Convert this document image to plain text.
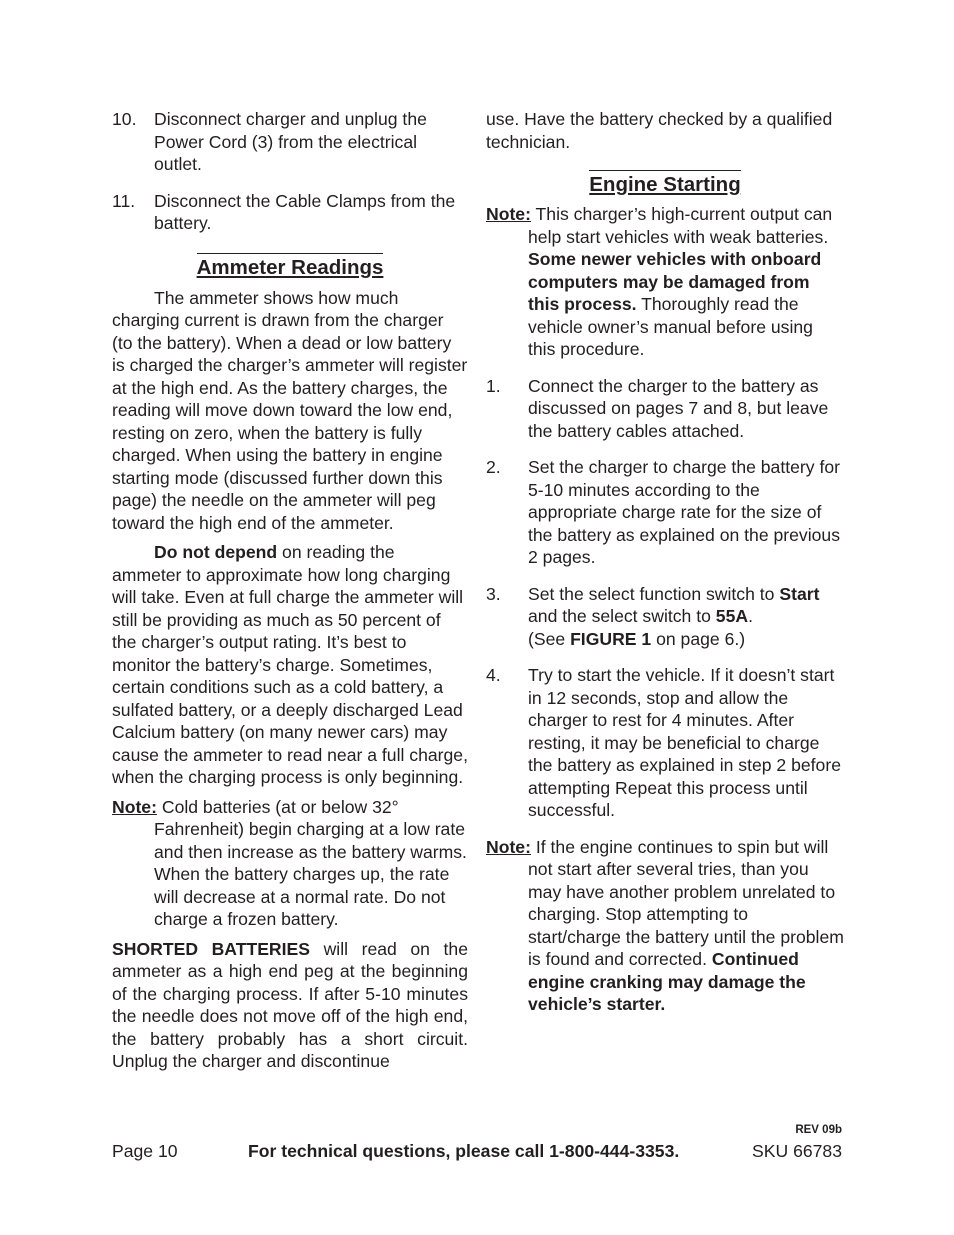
10. Disconnect charger and unplug the Power Cord (3) from the electrical outlet.
11.	Disconnect the Cable Clamps from the battery.
Ammeter Readings

The ammeter shows how much charging current is drawn from the charger (to the battery). When a dead or low battery is charged the charger’s ammeter will register at the high end. As the battery charges, the reading will move down toward the low end, resting on zero, when the battery is fully charged. When using the battery in engine starting mode (discussed further down this page) the needle on the ammeter will peg toward the high end of the ammeter.

Do not depend on reading the ammeter to approximate how long charging will take. Even at full charge the ammeter will still be providing as much as 50 percent of the charger’s output rating. It’s best to monitor the battery’s charge. Sometimes, certain conditions such as a cold battery, a sulfated battery, or a deeply discharged Lead Calcium battery (on many newer cars) may cause the ammeter to read near a full charge, when the charging process is only beginning.

Note: Cold batteries (at or below 32° Fahrenheit) begin charging at a low rate and then increase as the battery warms. When the battery charges up, the rate will decrease at a normal rate. Do not charge a frozen battery.

SHORTED BATTERIES will read on the ammeter as a high end peg at the beginning of the charging process. If after 5-10 minutes the needle does not move off of the high end, the battery probably has a short circuit. Unplug the charger and discontinue

use. Have the battery checked by a qualified technician.

Engine Starting

Note: This charger’s high-current output can help start vehicles with weak batteries. Some newer vehicles with onboard computers may be damaged from this process. Thoroughly read the vehicle owner’s manual before using this procedure.

1.	Connect the charger to the battery as discussed on pages 7 and 8, but leave the battery cables attached.
2.	Set the charger to charge the battery for 5-10 minutes according to the appropriate charge rate for the size of the battery as explained on the previous 2 pages.
3.	Set the select function switch to Start and the select switch to 55A.
(See FIGURE 1 on page 6.)
4.	Try to start the vehicle. If it doesn’t start in 12 seconds, stop and allow the charger to rest for 4 minutes. After resting, it may be beneficial to charge the battery as explained in step 2 before attempting Repeat this process until successful.

Note: If the engine continues to spin but will not start after several tries, than you may have another problem unrelated to charging. Stop attempting to start/charge the battery until the problem is found and corrected. Continued engine cranking may damage the vehicle’s starter.

REV 09b
Page 10	For technical questions, please call 1-800-444-3353.	SKU 66783
